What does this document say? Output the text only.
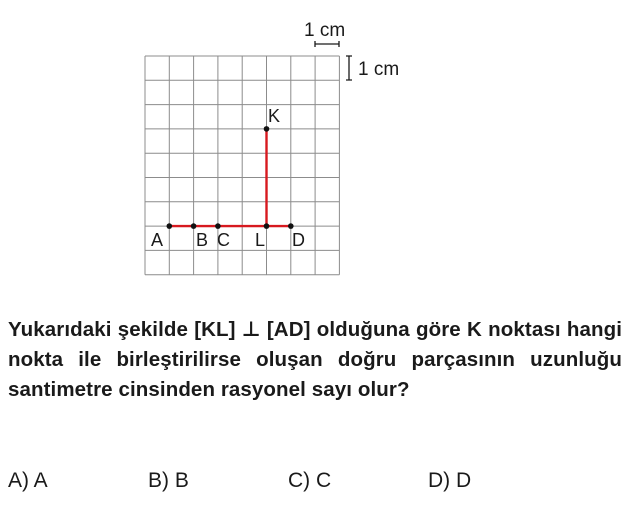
1 cm
1 cm
K
A B C L D

Yukarıdaki şekilde [KL] ⊥ [AD] olduğuna göre K noktası hangi nokta ile birleştirilirse oluşan doğru parçasının uzunluğu santimetre cinsinden rasyonel sayı olur?

A) A	B) B	C) C	D) D
